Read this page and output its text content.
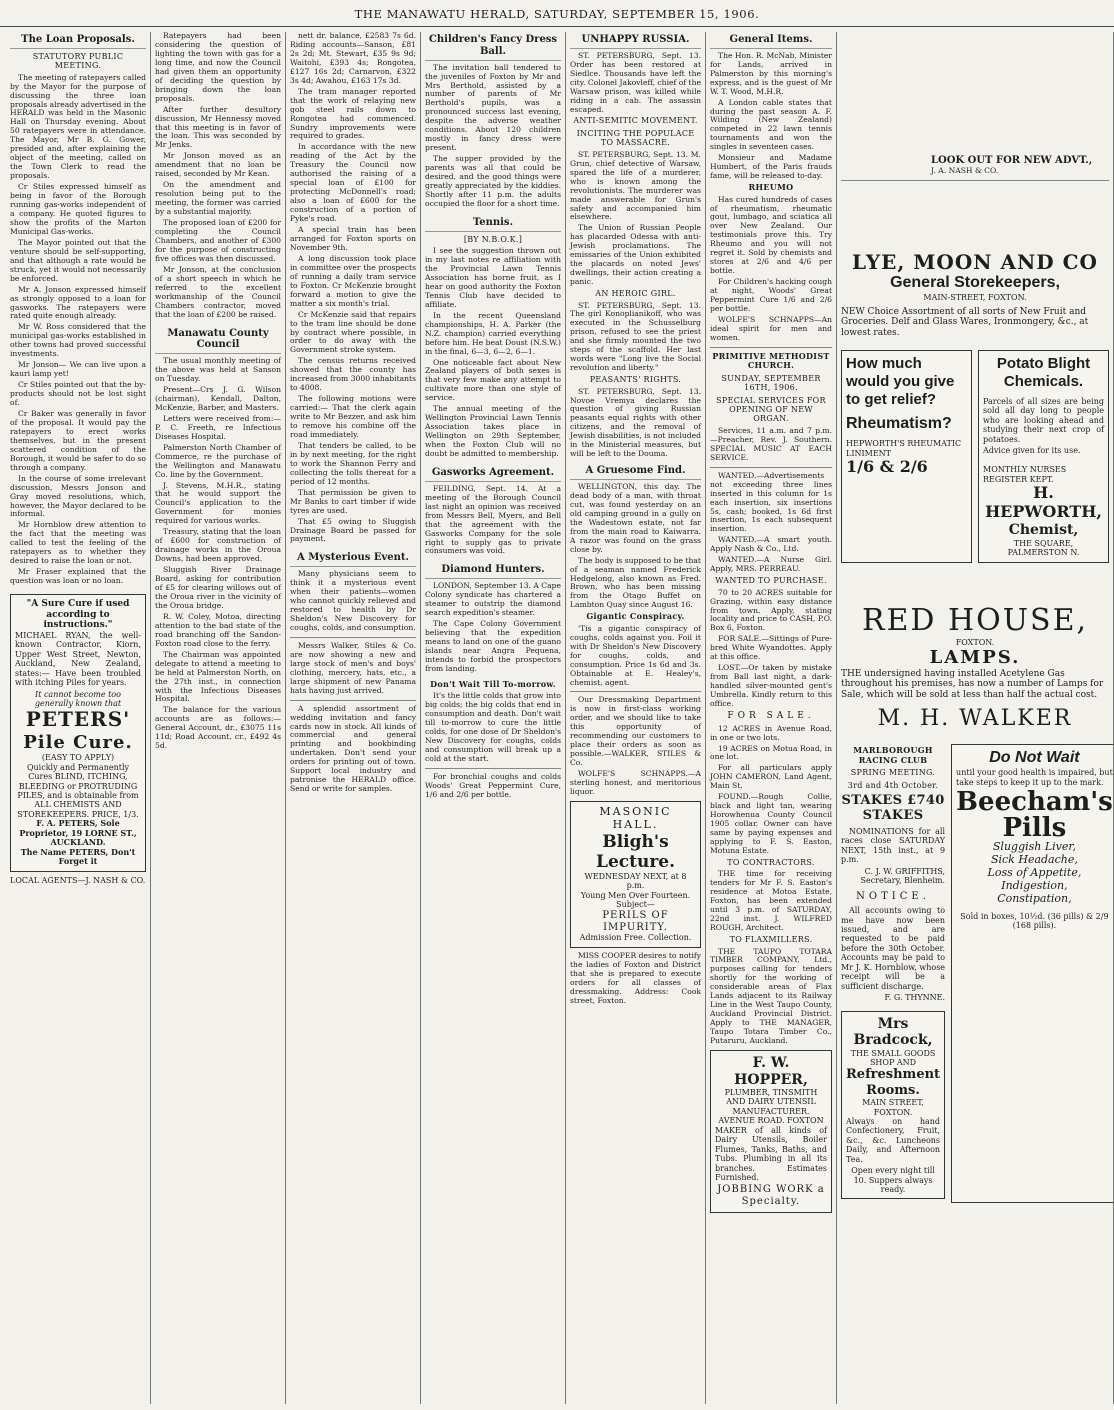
THE MANAWATU HERALD, SATURDAY, SEPTEMBER 15, 1906.
The Loan Proposals.
STATUTORY PUBLIC MEETING.

The meeting of ratepayers called by the Mayor for the purpose of discussing the three loan proposals already advertised in the HERALD was held in the Masonic Hall on Thursday evening. About 50 ratepayers were in attendance. The Mayor, Mr B. G. Gower, presided and, after explaining the object of the meeting, called on the Town Clerk to read the proposals.

Cr Stiles expressed himself as being in favor of the Borough running gas-works independent of a company. He quoted figures to show the profits of the Marton Municipal Gas-works.

The Mayor pointed out that the venture should be self-supporting, and that although a rate would be struck, yet it would not necessarily be enforced.

Mr A. Jonson expressed himself as strongly opposed to a loan for gasworks. The ratepayers were rated quite enough already.

Mr W. Ross considered that the municipal gas-works established in other towns had proved successful investments.

Mr Jonson— We can live upon a kauri lamp yet!

Cr Stiles pointed out that the by-products should not be lost sight of.

Cr Baker was generally in favor of the proposal. It would pay the ratepayers to erect works themselves, but in the present scattered condition of the Borough, it would be safer to do so through a company.

In the course of some irrelevant discussion, Messrs Jonson and Gray moved resolutions, which, however, the Mayor declared to be informal.

Mr Hornblow drew attention to the fact that the meeting was called to test the feeling of the ratepayers as to whether they desired to raise the loan or not.

Mr Fraser explained that the question was loan or no loan.

"A Sure Cure if used according to instructions."

MICHAEL RYAN, the well-known Contractor, Kiorn, Upper West Street, Newton, Auckland, New Zealand, states:— Have been troubled with itching Piles for years.

It cannot become too generally known that
PETERS'
Pile Cure.
(EASY TO APPLY)
Quickly and Permanently Cures BLIND, ITCHING, BLEEDING or PROTRUDING PILES, and is obtainable from ALL CHEMISTS AND STOREKEEPERS. PRICE, 1/3.
F. A. PETERS, Sole Proprietor, 19 LORNE ST., AUCKLAND.
The Name PETERS, Don't Forget it
LOCAL AGENTS—J. NASH & CO.

Ratepayers had been considering the question of lighting the town with gas for a long time, and now the Council had given them an opportunity of deciding the question by bringing down the loan proposals.

After further desultory discussion, Mr Hennessy moved that this meeting is in favor of the loan. This was seconded by Mr Jenks.

Mr Jonson moved as an amendment that no loan be raised, seconded by Mr Kean.

On the amendment and resolution being put to the meeting, the former was carried by a substantial majority.

The proposed loan of £200 for completing the Council Chambers, and another of £300 for the purpose of constructing five offices was then discussed.

Mr Jonson, at the conclusion of a short speech in which he referred to the excellent workmanship of the Council Chambers contractor, moved that the loan of £200 be raised.

Manawatu County Council

The usual monthly meeting of the above was held at Sanson on Tuesday.

Present—Crs J. G. Wilson (chairman), Kendall, Dalton, McKenzie, Barber, and Masters.

Letters were received from:— P. C. Freeth, re Infectious Diseases Hospital.

Palmerston North Chamber of Commerce, re the purchase of the Wellington and Manawatu Co. line by the Government.

J. Stevens, M.H.R., stating that he would support the Council's application to the Government for monies required for various works.

Treasury, stating that the loan of £600 for construction of drainage works in the Oroua Downs, had been approved.

Sluggish River Drainage Board, asking for contribution of £5 for clearing willows out of the Oroua river in the vicinity of the Oroua bridge.

R. W. Coley, Motoa, directing attention to the bad state of the road branching off the Sandon-Foxton road close to the ferry.

The Chairman was appointed delegate to attend a meeting to be held at Palmerston North, on the 27th inst., in connection with the Infectious Diseases Hospital.

The balance for the various accounts are as follows:—General Account, dr., £3075 11s 11d; Road Account, cr., £492 4s 5d.

nett dr. balance, £2583 7s 6d. Riding accounts—Sanson, £81 2s 2d; Mt. Stewart, £35 9s 9d; Waitohi, £393 4s; Rongotea, £127 16s 2d; Carnarvon, £322 3s 4d; Awahou, £163 17s 3d.

The tram manager reported that the work of relaying new gob steel rails down to Rongotea had commenced. Sundry improvements were required to grades.

In accordance with the new reading of the Act by the Treasury the Council now authorised the raising of a special loan of £100 for protecting McDonnell's road; also a loan of £600 for the construction of a portion of Pyke's road.

A special train has been arranged for Foxton sports on November 9th.

A long discussion took place in committee over the prospects of running a daily tram service to Foxton. Cr McKenzie brought forward a motion to give the matter a six month's trial.

Cr McKenzie said that repairs to the tram line should be done by contract where possible, in order to do away with the Government stroke system.

The census returns received showed that the county has increased from 3000 inhabitants to 4008.

The following motions were carried:— That the clerk again write to Mr Bezzer, and ask him to remove his combine off the road immediately.

That tenders be called, to be in by next meeting, for the right to work the Shannon Ferry and collecting the tolls thereat for a period of 12 months.

That permission be given to Mr Banks to cart timber if wide tyres are used.

That £5 owing to Sluggish Drainage Board be passed for payment.

A Mysterious Event.

Many physicians seem to think it a mysterious event when their patients—women who cannot quickly relieved and restored to health by Dr Sheldon's New Discovery for coughs, colds, and consumption.

Messrs Walker, Stiles & Co. are now showing a new and large stock of men's and boys' clothing, mercery, hats, etc., a large shipment of new Panama hats having just arrived.

A splendid assortment of wedding invitation and fancy cards now in stock. All kinds of commercial and general printing and bookbinding undertaken. Don't send your orders for printing out of town. Support local industry and patronise the HERALD office. Send or write for samples.

Children's Fancy Dress Ball.

The invitation ball tendered to the juveniles of Foxton by Mr and Mrs Berthold, assisted by a number of parents of Mr Berthold's pupils, was a pronounced success last evening, despite the adverse weather conditions. About 120 children mostly in fancy dress were present.

The supper provided by the parents was all that could be desired, and the good things were greatly appreciated by the kiddies. Shortly after 11 p.m. the adults occupied the floor for a short time.

Tennis.
[BY N.B.O.K.]

I see the suggestion thrown out in my last notes re affiliation with the Provincial Lawn Tennis Association has borne fruit, as I hear on good authority the Foxton Tennis Club have decided to affiliate.

In the recent Queensland championships, H. A. Parker (the N.Z. champion) carried everything before him. He beat Doust (N.S.W.) in the final, 6—3, 6—2, 6—1.

One noticeable fact about New Zealand players of both sexes is that very few make any attempt to cultivate more than one style of service.

The annual meeting of the Wellington Provincial Lawn Tennis Association takes place in Wellington on 29th September, when the Foxton Club will no doubt be admitted to membership.

Gasworks Agreement.

FEILDING, Sept. 14. At a meeting of the Borough Council last night an opinion was received from Messrs Bell, Myers, and Bell that the agreement with the Gasworks Company for the sole right to supply gas to private consumers was void.

Diamond Hunters.

LONDON, September 13. A Cape Colony syndicate has chartered a steamer to outstrip the diamond search expedition's steamer.

The Cape Colony Government believing that the expedition means to land on one of the guano islands near Angra Pequena, intends to forbid the prospectors from landing.

Don't Wait Till To-morrow.

It's the little colds that grow into big colds; the big colds that end in consumption and death. Don't wait till to-morrow to cure the little colds, for one dose of Dr Sheldon's New Discovery for coughs, colds and consumption will break up a cold at the start.

For bronchial coughs and colds Woods' Great Peppermint Cure, 1/6 and 2/6 per bottle.

UNHAPPY RUSSIA.

ST. PETERSBURG, Sept. 13. Order has been restored at Siedlce. Thousands have left the city. Colonel Jakovleff, chief of the Warsaw prison, was killed while riding in a cab. The assassin escaped.

ANTI-SEMITIC MOVEMENT.
INCITING THE POPULACE TO MASSACRE.

ST. PETERSBURG, Sept. 13. M. Grun, chief detective of Warsaw, spared the life of a murderer, who is known among the revolutionists. The murderer was made answerable for Grun's safety and accompanied him elsewhere.

The Union of Russian People has placarded Odessa with anti-Jewish proclamations. The emissaries of the Union exhibited the placards on noted Jews' dwellings, their action creating a panic.

AN HEROIC GIRL.

ST. PETERSBURG, Sept. 13. The girl Konoplianikoff, who was executed in the Schusselburg prison, refused to see the priest and she firmly mounted the two steps of the scaffold. Her last words were "Long live the Social revolution and liberty."

PEASANTS' RIGHTS.

ST. PETERSBURG, Sept. 13. Novoe Vremya declares the question of giving Russian peasants equal rights with other citizens, and the removal of Jewish disabilities, is not included in the Ministerial measures, but will be left to the Douma.

A Gruesome Find.

WELLINGTON, this day. The dead body of a man, with throat cut, was found yesterday on an old camping ground in a gully on the Wadestown estate, not far from the main road to Kaiwarra. A razor was found on the grass close by.

The body is supposed to be that of a seaman named Frederick Hedgelong, also known as Fred. Brown, who has been missing from the Otago Buffet on Lambton Quay since August 16.

Gigantic Conspiracy.

'Tis a gigantic conspiracy of coughs, colds against you. Foil it with Dr Sheldon's New Discovery for coughs, colds, and consumption. Price 1s 6d and 3s. Obtainable at E. Healey's, chemist, agent.

Our Dressmaking Department is now in first-class working order, and we should like to take this opportunity of recommending our customers to place their orders as soon as possible.—WALKER, STILES & Co.

WOLFE'S SCHNAPPS.—A sterling honest, and meritorious liquor.

MASONIC HALL.
Bligh's Lecture.
WEDNESDAY NEXT, at 8 p.m.
Young Men Over Fourteen.
Subject—
PERILS OF IMPURITY.
Admission Free. Collection.

MISS COOPER desires to notify the ladies of Foxton and District that she is prepared to execute orders for all classes of dressmaking. Address: Cook street, Foxton.

General Items.

The Hon. R. McNab, Minister for Lands, arrived in Palmerston by this morning's express, and is the guest of Mr W. T. Wood, M.H.R.

A London cable states that during the past season A. F. Wilding (New Zealand) competed in 22 lawn tennis tournaments and won the singles in seventeen cases.

Monsieur and Madame Humbert, of the Paris frauds fame, will be released to-day.

RHEUMO

Has cured hundreds of cases of rheumatism, rheumatic gout, lumbago, and sciatica all over New Zealand. Our testimonials prove this. Try Rheumo and you will not regret it. Sold by chemists and stores at 2/6 and 4/6 per bottle.

For Children's hacking cough at night, Woods' Great Peppermint Cure 1/6 and 2/6 per bottle.

WOLFE'S SCHNAPPS—An ideal spirit for men and women.

PRIMITIVE METHODIST CHURCH.
SUNDAY, SEPTEMBER 16TH, 1906.
SPECIAL SERVICES FOR OPENING OF NEW ORGAN.

Services, 11 a.m. and 7 p.m.—Preacher, Rev. J. Southern. SPECIAL MUSIC AT EACH SERVICE.

WANTED.—Advertisements not exceeding three lines inserted in this column for 1s each insertion, six insertions 5s, cash; booked, 1s 6d first insertion, 1s each subsequent insertion.

WANTED.—A smart youth. Apply Nash & Co., Ltd.

WANTED.—A Nurse Girl. Apply, MRS. PERREAU.

WANTED TO PURCHASE.

70 to 20 ACRES suitable for Grazing, within easy distance from town. Apply, stating locality and price to CASH, P.O. Box 6, Foxton.

FOR SALE.—Sittings of Pure-bred White Wyandottes. Apply at this office.

LOST.—Or taken by mistake from Ball last night, a dark-handled silver-mounted gent's Umbrella. Kindly return to this office.

FOR SALE.

12 ACRES in Avenue Road, in one or two lots.

19 ACRES on Motua Road, in one lot.

For all particulars apply JOHN CAMERON, Land Agent, Main St.

FOUND.—Rough Collie, black and light tan, wearing Horowhenua County Council 1905 collar. Owner can have same by paying expenses and applying to F. S. Easton, Motuna Estate.

TO CONTRACTORS.

THE time for receiving tenders for Mr F. S. Easton's residence at Motoa Estate, Foxton, has been extended until 3 p.m. of SATURDAY, 22nd inst. J. WILFRED ROUGH, Architect.

TO FLAXMILLERS.

THE TAUPO TOTARA TIMBER COMPANY, Ltd., purposes calling for tenders shortly for the working of considerable areas of Flax Lands adjacent to its Railway Line in the West Taupo County, Auckland Provincial District. Apply to THE MANAGER, Taupo Totara Timber Co., Putaruru, Auckland.

F. W. HOPPER,
PLUMBER, TINSMITH AND DAIRY UTENSIL MANUFACTURER.
AVENUE ROAD. FOXTON

MAKER of all kinds of Dairy Utensils, Boiler Flumes, Tanks, Baths, and Tubs. Plumbing in all its branches. Estimates Furnished.

JOBBING WORK a Specialty.
LOOK OUT FOR NEW ADVT.,
J. A. NASH & CO.
LYE, MOON AND CO
General Storekeepers,
MAIN-STREET, FOXTON.

NEW Choice Assortment of all sorts of New Fruit and Groceries. Delf and Glass Wares, Ironmongery, &c., at lowest rates.

How much would you give to get relief?
Rheumatism?
HEPWORTH'S RHEUMATIC LINIMENT
1/6 & 2/6
Potato Blight Chemicals.

Parcels of all sizes are being sold all day long to people who are looking ahead and studying their next crop of potatoes.

Advice given for its use.
MONTHLY NURSES REGISTER KEPT.
H. HEPWORTH,
Chemist,
THE SQUARE, PALMERSTON N.
RED HOUSE,
FOXTON.
LAMPS.

THE undersigned having installed Acetylene Gas throughout his premises, has now a number of Lamps for Sale, which will be sold at less than half the actual cost.

M. H. WALKER
MARLBOROUGH RACING CLUB
SPRING MEETING.
3rd and 4th October.
STAKES £740 STAKES

NOMINATIONS for all races close SATURDAY NEXT, 15th inst., at 9 p.m.

C. J. W. GRIFFITHS, Secretary, Blenheim.
NOTICE.

All accounts owing to me have now been issued, and are requested to be paid before the 30th October. Accounts may be paid to Mr J. K. Hornblow, whose receipt will be a sufficient discharge.

F. G. THYNNE.
Mrs Bradcock,
THE SMALL GOODS SHOP AND
Refreshment Rooms.
MAIN STREET, FOXTON.

Always on hand Confectionery, Fruit, &c., &c. Luncheons Daily, and Afternoon Tea.

Open every night till 10. Suppers always ready.
Do Not Wait

until your good health is impaired, but take steps to keep it up to the mark.

Beecham's Pills
Sluggish Liver,
Sick Headache,
Loss of Appetite,
Indigestion,
Constipation,
Sold in boxes, 10½d. (36 pills) & 2/9 (168 pills).
